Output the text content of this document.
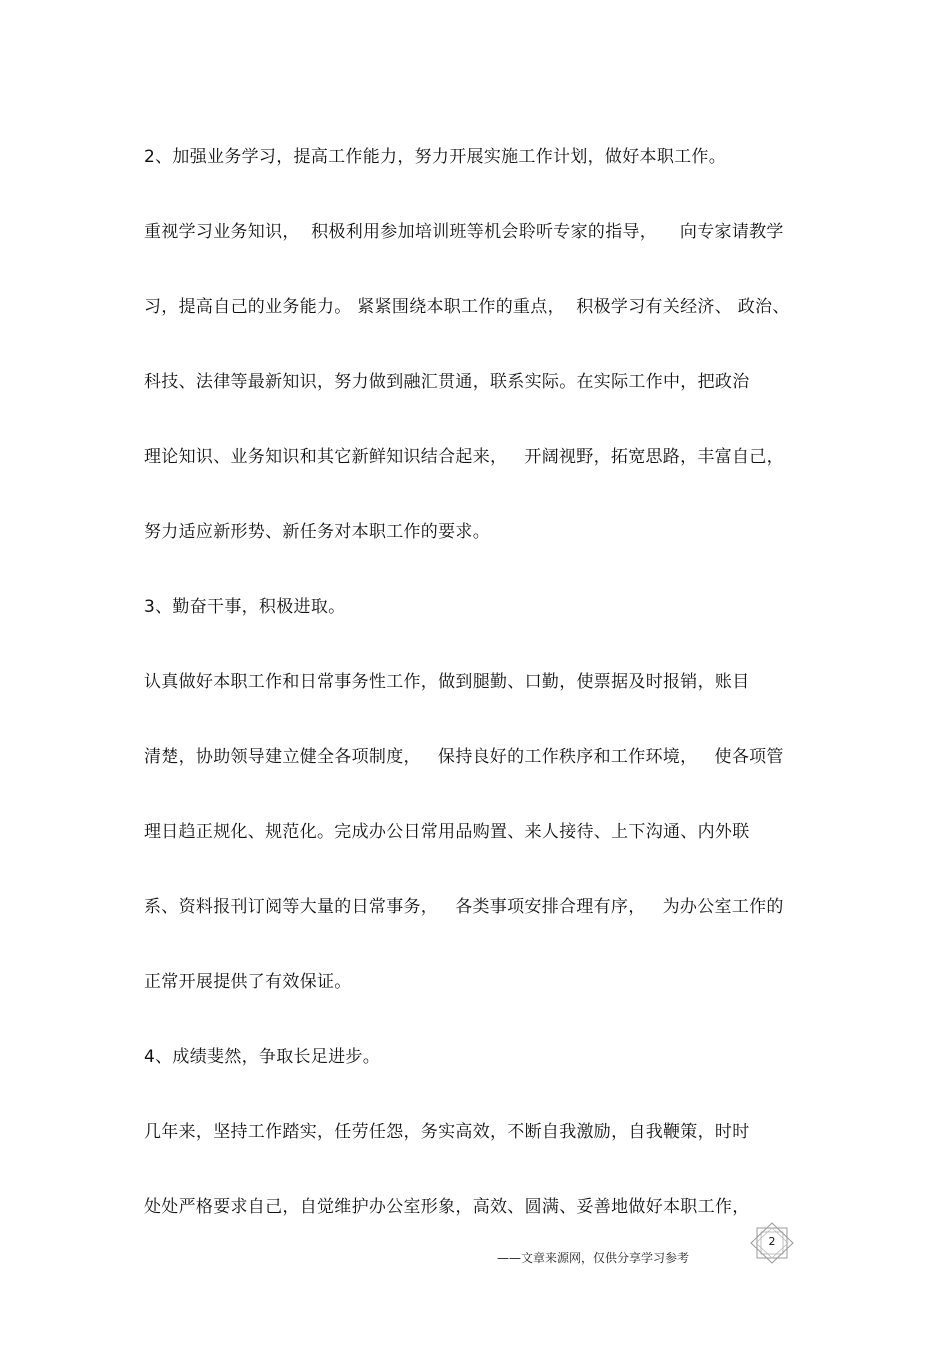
2、加强业务学习，提高工作能力，努力开展实施工作计划，做好本职工作。
重视学习业务知识，  积极利用参加培训班等机会聆听专家的指导，    向专家请教学
习，提高自己的业务能力。 紧紧围绕本职工作的重点，  积极学习有关经济、 政治、
科技、法律等最新知识，努力做到融汇贯通，联系实际。在实际工作中，把政治
理论知识、业务知识和其它新鲜知识结合起来，   开阔视野，拓宽思路，丰富自己，
努力适应新形势、新任务对本职工作的要求。
3、勤奋干事，积极进取。
认真做好本职工作和日常事务性工作，做到腿勤、口勤，使票据及时报销，账目
清楚，协助领导建立健全各项制度，   保持良好的工作秩序和工作环境，   使各项管
理日趋正规化、规范化。完成办公日常用品购置、来人接待、上下沟通、内外联
系、资料报刊订阅等大量的日常事务，   各类事项安排合理有序，   为办公室工作的
正常开展提供了有效保证。
4、成绩斐然，争取长足进步。
几年来，坚持工作踏实，任劳任怨，务实高效，不断自我激励，自我鞭策，时时
处处严格要求自己，自觉维护办公室形象，高效、圆满、妥善地做好本职工作，
——文章来源网，仅供分享学习参考
2
